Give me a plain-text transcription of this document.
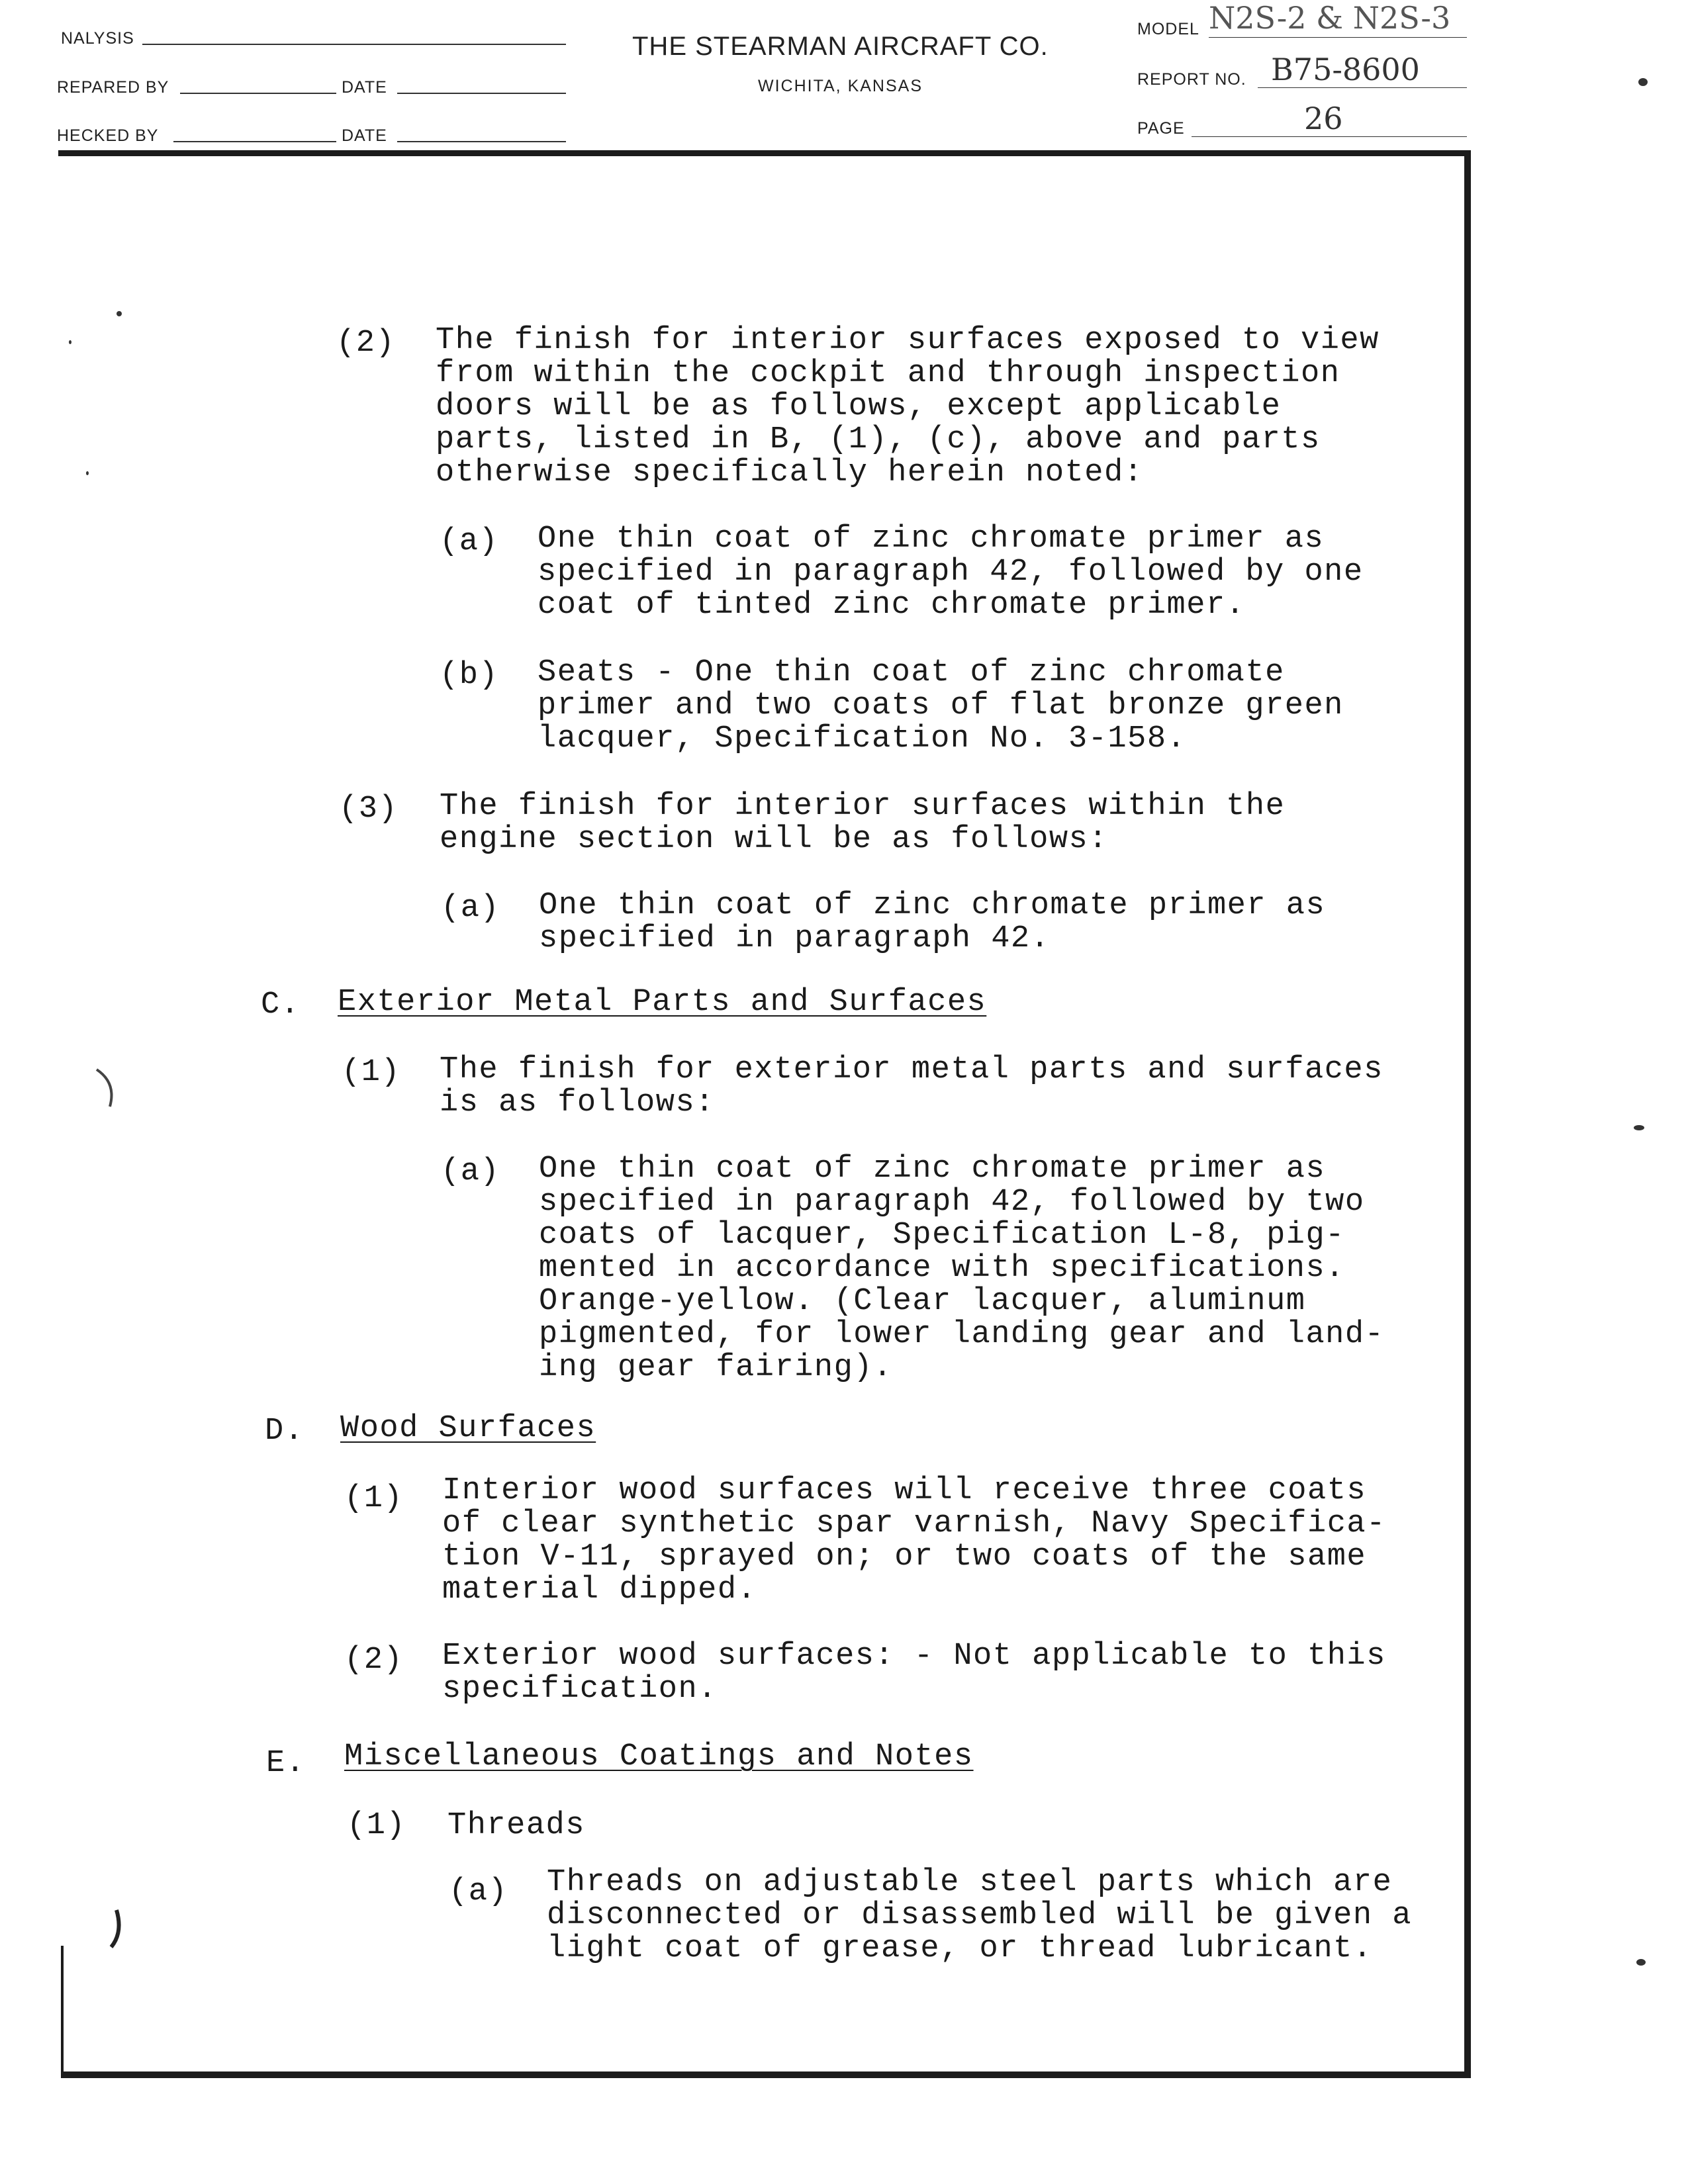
NALYSIS
REPARED BY	DATE
HECKED BY	DATE
THE STEARMAN AIRCRAFT CO.
WICHITA, KANSAS
MODEL N2S-2 & N2S-3
REPORT NO. B75-8600
PAGE	26
(2) The finish for interior surfaces exposed to view
from within the cockpit and through inspection
doors will be as follows, except applicable
parts, listed in B, (1), (c), above and parts
otherwise specifically herein noted:
(a) One thin coat of zinc chromate primer as
specified in paragraph 42, followed by one
coat of tinted zinc chromate primer.
(b) Seats - One thin coat of zinc chromate
primer and two coats of flat bronze green
lacquer, Specification No. 3-158.
(3) The finish for interior surfaces within the
engine section will be as follows:
(a) One thin coat of zinc chromate primer as
specified in paragraph 42.
C. Exterior Metal Parts and Surfaces
(1) The finish for exterior metal parts and surfaces
is as follows:
(a) One thin coat of zinc chromate primer as
specified in paragraph 42, followed by two
coats of lacquer, Specification L-8, pig-
mented in accordance with specifications.
Orange-yellow. (Clear lacquer, aluminum
pigmented, for lower landing gear and land-
ing gear fairing).
D. Wood Surfaces
(1) Interior wood surfaces will receive three coats
of clear synthetic spar varnish, Navy Specifica-
tion V-11, sprayed on; or two coats of the same
material dipped.
(2) Exterior wood surfaces: - Not applicable to this
specification.
E. Miscellaneous Coatings and Notes
(1) Threads
(a) Threads on adjustable steel parts which are
disconnected or disassembled will be given a
light coat of grease, or thread lubricant.
